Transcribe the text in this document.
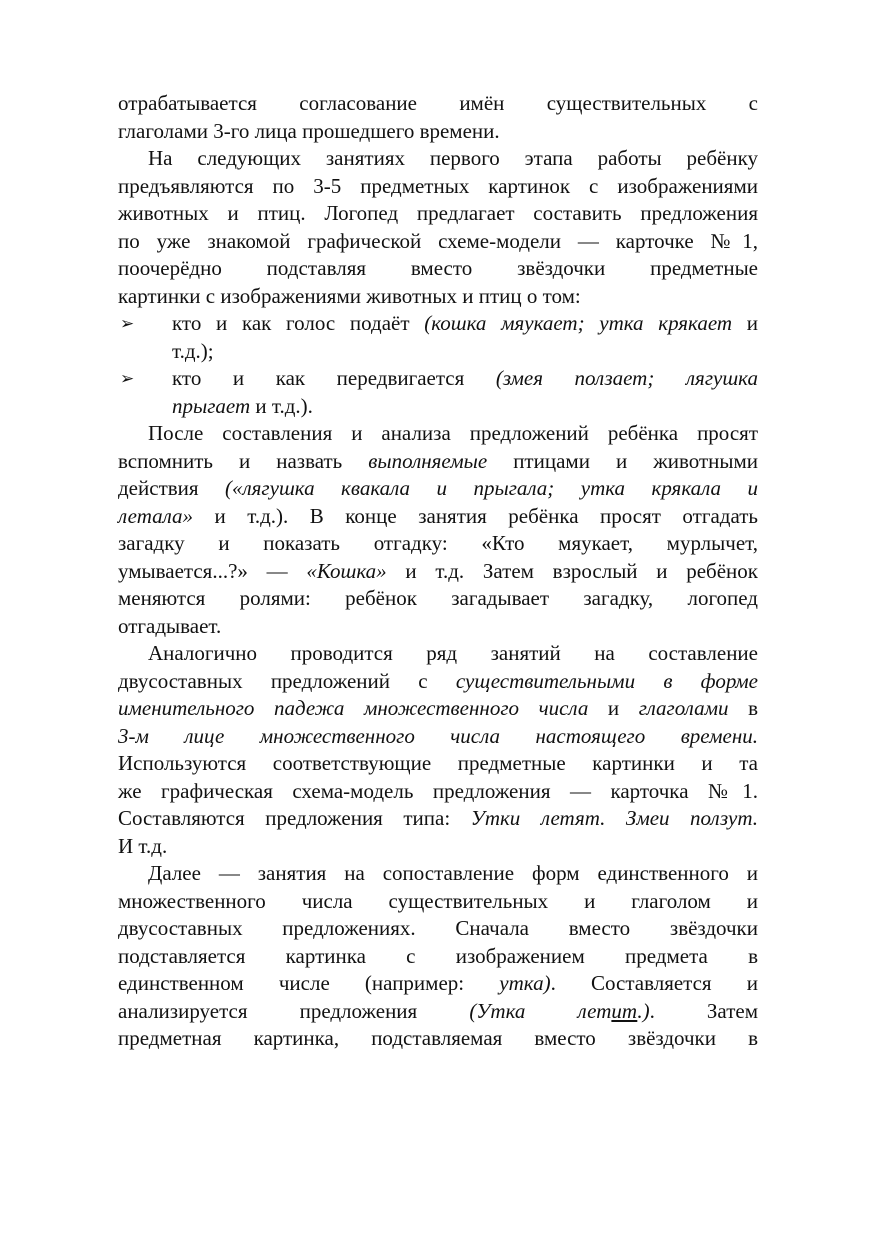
отрабатывается согласование имён существительных с
глаголами 3-го лица прошедшего времени.
На следующих занятиях первого этапа работы ребёнку
предъявляются по 3-5 предметных картинок с изображениями
животных и птиц. Логопед предлагает составить предложения
по уже знакомой графической схеме-модели — карточке №1,
поочерёдно подставляя вместо звёздочки предметные
картинки с изображениями животных и птиц о том:
➢ кто и как голос подаёт (кошка мяукает; утка крякает и
т.д.);
➢ кто и как передвигается (змея ползает; лягушка
прыгает и т.д.).
После составления и анализа предложений ребёнка просят
вспомнить и назвать выполняемые птицами и животными
действия («лягушка квакала и прыгала; утка крякала и
летала» и т.д.). В конце занятия ребёнка просят отгадать
загадку и показать отгадку: «Кто мяукает, мурлычет,
умывается...?» — «Кошка» и т.д. Затем взрослый и ребёнок
меняются ролями: ребёнок загадывает загадку, логопед
отгадывает.
Аналогично проводится ряд занятий на составление
двусоставных предложений с существительными в форме
именительного падежа множественного числа и глаголами в
3-м лице множественного числа настоящего времени.
Используются соответствующие предметные картинки и та
же графическая схема-модель предложения — карточка №1.
Составляются предложения типа: Утки летят. Змеи ползут.
И т.д.
Далее — занятия на сопоставление форм единственного и
множественного числа существительных и глаголом и
двусоставных предложениях. Сначала вместо звёздочки
подставляется картинка с изображением предмета в
единственном числе (например: утка). Составляется и
анализируется предложения (Утка летит.). Затем
предметная картинка, подставляемая вместо звёздочки в
